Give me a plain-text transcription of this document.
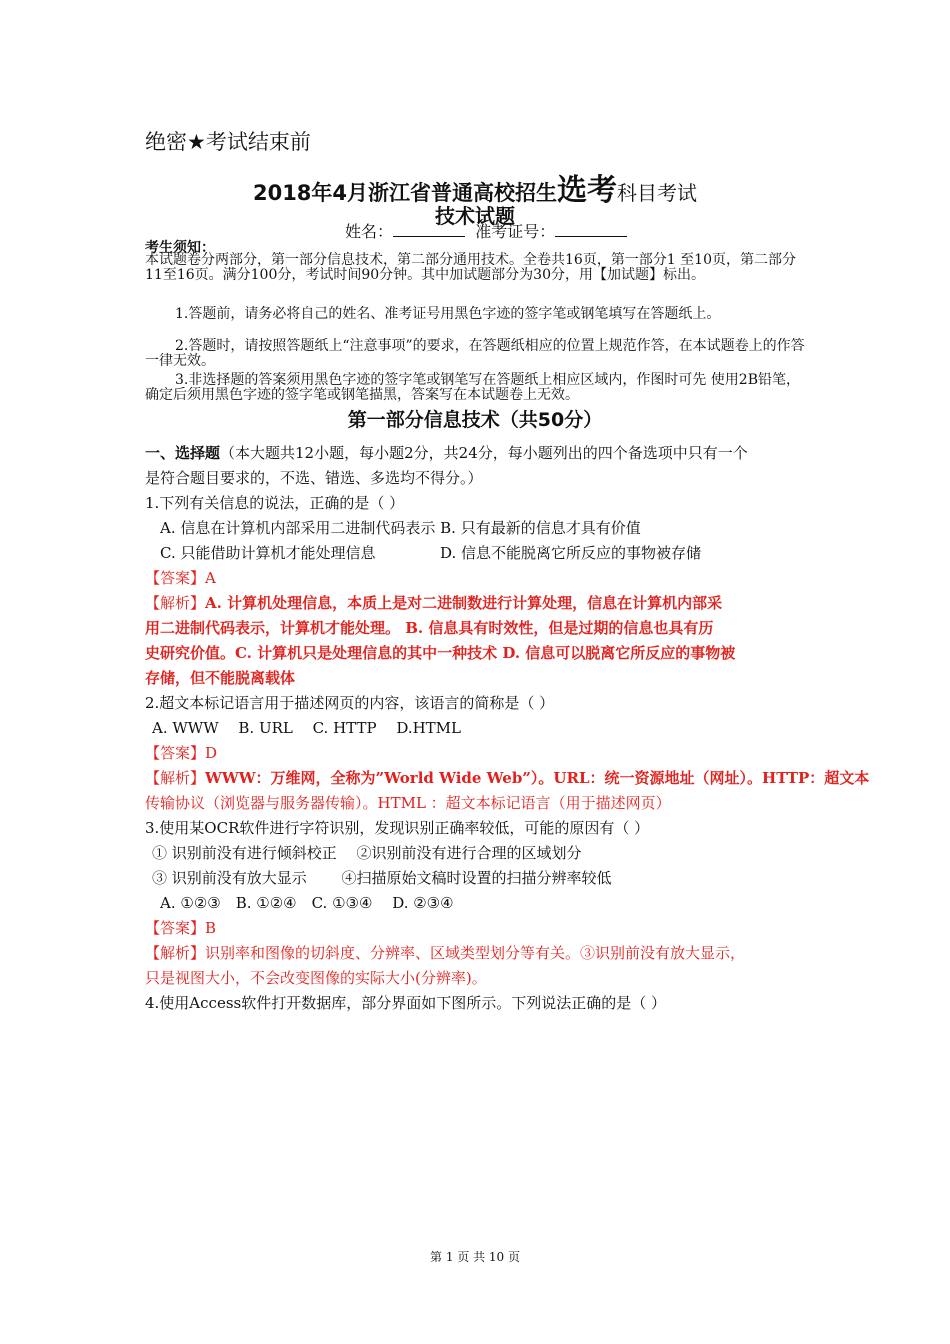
绝密★考试结束前
2018年4月浙江省普通高校招生选考科目考试
技术试题
姓名：	准考证号：
考生须知：
本试题卷分两部分，第一部分信息技术，第二部分通用技术。全卷共16页，第一部分1 至10页，第二部分11至16页。满分100分，考试时间90分钟。其中加试题部分为30分，用【加试题】标出。
1.答题前，请务必将自己的姓名、准考证号用黑色字迹的签字笔或钢笔填写在答题纸上。
2.答题时，请按照答题纸上“注意事项”的要求，在答题纸相应的位置上规范作答，在本试题卷上的作答一律无效。
3.非选择题的答案须用黑色字迹的签字笔或钢笔写在答题纸上相应区域内，作图时可先 使用2B铅笔，确定后须用黑色字迹的签字笔或钢笔描黑，答案写在本试题卷上无效。
第一部分信息技术（共50分）
一、选择题（本大题共12小题，每小题2分，共24分，每小题列出的四个备选项中只有一个
是符合题目要求的，不选、错选、多选均不得分。）
1.下列有关信息的说法，正确的是（ ）
A. 信息在计算机内部采用二进制代码表示 B. 只有最新的信息才具有价值
C. 只能借助计算机才能处理信息	D. 信息不能脱离它所反应的事物被存储
【答案】A
【解析】A. 计算机处理信息，本质上是对二进制数进行计算处理，信息在计算机内部采
用二进制代码表示，计算机才能处理。 B. 信息具有时效性，但是过期的信息也具有历
史研究价值。C. 计算机只是处理信息的其中一种技术 D. 信息可以脱离它所反应的事物被
存储，但不能脱离载体
2.超文本标记语言用于描述网页的内容，该语言的简称是（ ）
A. WWW　 B. URL　 C. HTTP　 D.HTML
【答案】D
【解析】WWW：万维网，全称为”World Wide Web”）。URL：统一资源地址（网址）。HTTP：超文本
传输协议（浏览器与服务器传输）。HTML ：超文本标记语言（用于描述网页）
3.使用某OCR软件进行字符识别，发现识别正确率较低，可能的原因有（ ）
① 识别前没有进行倾斜校正　 ②识别前没有进行合理的区域划分
③ 识别前没有放大显示　　 ④扫描原始文稿时设置的扫描分辨率较低
A. ①②③　B. ①②④　C. ①③④　 D. ②③④
【答案】B
【解析】识别率和图像的切斜度、分辨率、区域类型划分等有关。③识别前没有放大显示，
只是视图大小，不会改变图像的实际大小(分辨率)。
4.使用Access软件打开数据库，部分界面如下图所示。下列说法正确的是（ ）
第 1 页 共 10 页
